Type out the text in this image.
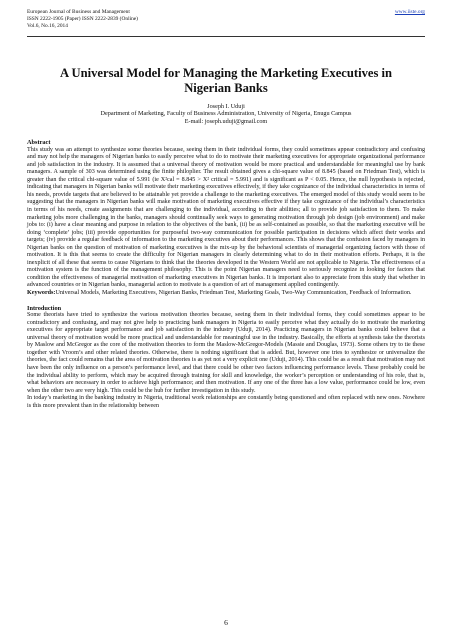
European Journal of Business and Management	www.iiste.org
ISSN 2222-1905 (Paper) ISSN 2222-2839 (Online)
Vol.6, No.16, 2014
A Universal Model for Managing the Marketing Executives in Nigerian Banks
Joseph I. Uduji
Department of Marketing, Faculty of Business Administration, University of Nigeria, Enugu Campus
E-mail: joseph.uduji@gmail.com
Abstract

This study was an attempt to synthesize some theories because, seeing them in their individual forms, they could sometimes appear contradictory and confusing and may not help the managers of Nigerian banks to easily perceive what to do to motivate their marketing executives for appropriate organizational performance and job satisfaction in the industry. It is assumed that a universal theory of motivation would be more practical and understandable for meaningful use by bank managers. A sample of 303 was determined using the finite philoplier. The result obtained gives a chi-square value of 8.845 (based on Friedman Test), which is greater than the critical chi-square value of 5.991 (ie X²cal = 8.845 > X² critical = 5.991) and is significant as P < 0.05. Hence, the null hypothesis is rejected, indicating that managers in Nigerian banks will motivate their marketing executives effectively, if they take cognizance of the individual characteristics in terms of his needs, provide targets that are believed to be attainable yet provide a challenge to the marketing executives. The emerged model of this study would seem to be suggesting that the managers in Nigerian banks will make motivation of marketing executives effective if they take cognizance of the individual’s characteristics in terms of his needs, create assignments that are challenging to the individual, according to their abilities; all to provide job satisfaction to them. To make marketing jobs more challenging in the banks, managers should continually seek ways to generating motivation through job design (job environment) and make jobs to: (i) have a clear meaning and purpose in relation to the objectives of the bank, (ii) be as self-contained as possible, so that the marketing executive will be doing ‘complete’ jobs; (iii) provide opportunities for purposeful two-way communication for possible participation in decisions which affect their works and targets; (iv) provide a regular feedback of information to the marketing executives about their performances. This shows that the confusion faced by managers in Nigerian banks on the question of motivation of marketing executives is the mix-up by the behavioral scientists of managerial organizing factors with those of motivation. It is this that seems to create the difficulty for Nigerian managers in clearly determining what to do in their motivation efforts. Perhaps, it is the inexplicit of all these that seems to cause Nigerians to think that the theories developed in the Western World are not applicable to Nigeria. The effectiveness of a motivation system is the function of the management philosophy. This is the point Nigerian managers need to seriously recognize in looking for factors that condition the effectiveness of managerial motivation of marketing executives in Nigerian banks. It is important also to appreciate from this study that whether in advanced countries or in Nigerian banks, managerial action to motivate is a question of art of management applied contingently.

Keywords:Universal Models, Marketing Executives, Nigerian Banks, Friedman Test, Marketing Goals, Two-Way Communication, Feedback of Information.

Introduction

Some theorists have tried to synthesize the various motivation theories because, seeing them in their individual forms, they could sometimes appear to be contradictory and confusing, and may not give help to practicing bank managers in Nigeria to easily perceive what they actually do to motivate the marketing executives for appropriate target performance and job satisfaction in the industry (Uduji, 2014). Practicing managers in Nigerian banks could believe that a universal theory of motivation would be more practical and understandable for meaningful use in the industry. Basically, the efforts at synthesis take the theorists by Maslow and McGregor as the core of the motivation theories to form the Maslow-McGregor-Models (Massie and Douglas, 1973). Some others try to tie these together with Vroom’s and other related theories. Otherwise, there is nothing significant that is added. But, however one tries to synthesize or universalize the theories, the fact could remains that the area of motivation theories is as yet not a very explicit one (Uduji, 2014). This could be as a result that motivation may not have been the only influence on a person’s performance level, and that there could be other two factors influencing performance levels. These probably could be the individual ability to perform, which may be acquired through training for skill and knowledge, the worker’s perception or understanding of his role, that is, what behaviors are necessary in order to achieve high performance; and then motivation. If any one of the three has a low value, performance could be low, even when the other two are very high. This could be the hub for further investigation in this study.

In today’s marketing in the banking industry in Nigeria, traditional work relationships are constantly being questioned and often replaced with new ones. Nowhere is this more prevalent than in the relationship between

6
